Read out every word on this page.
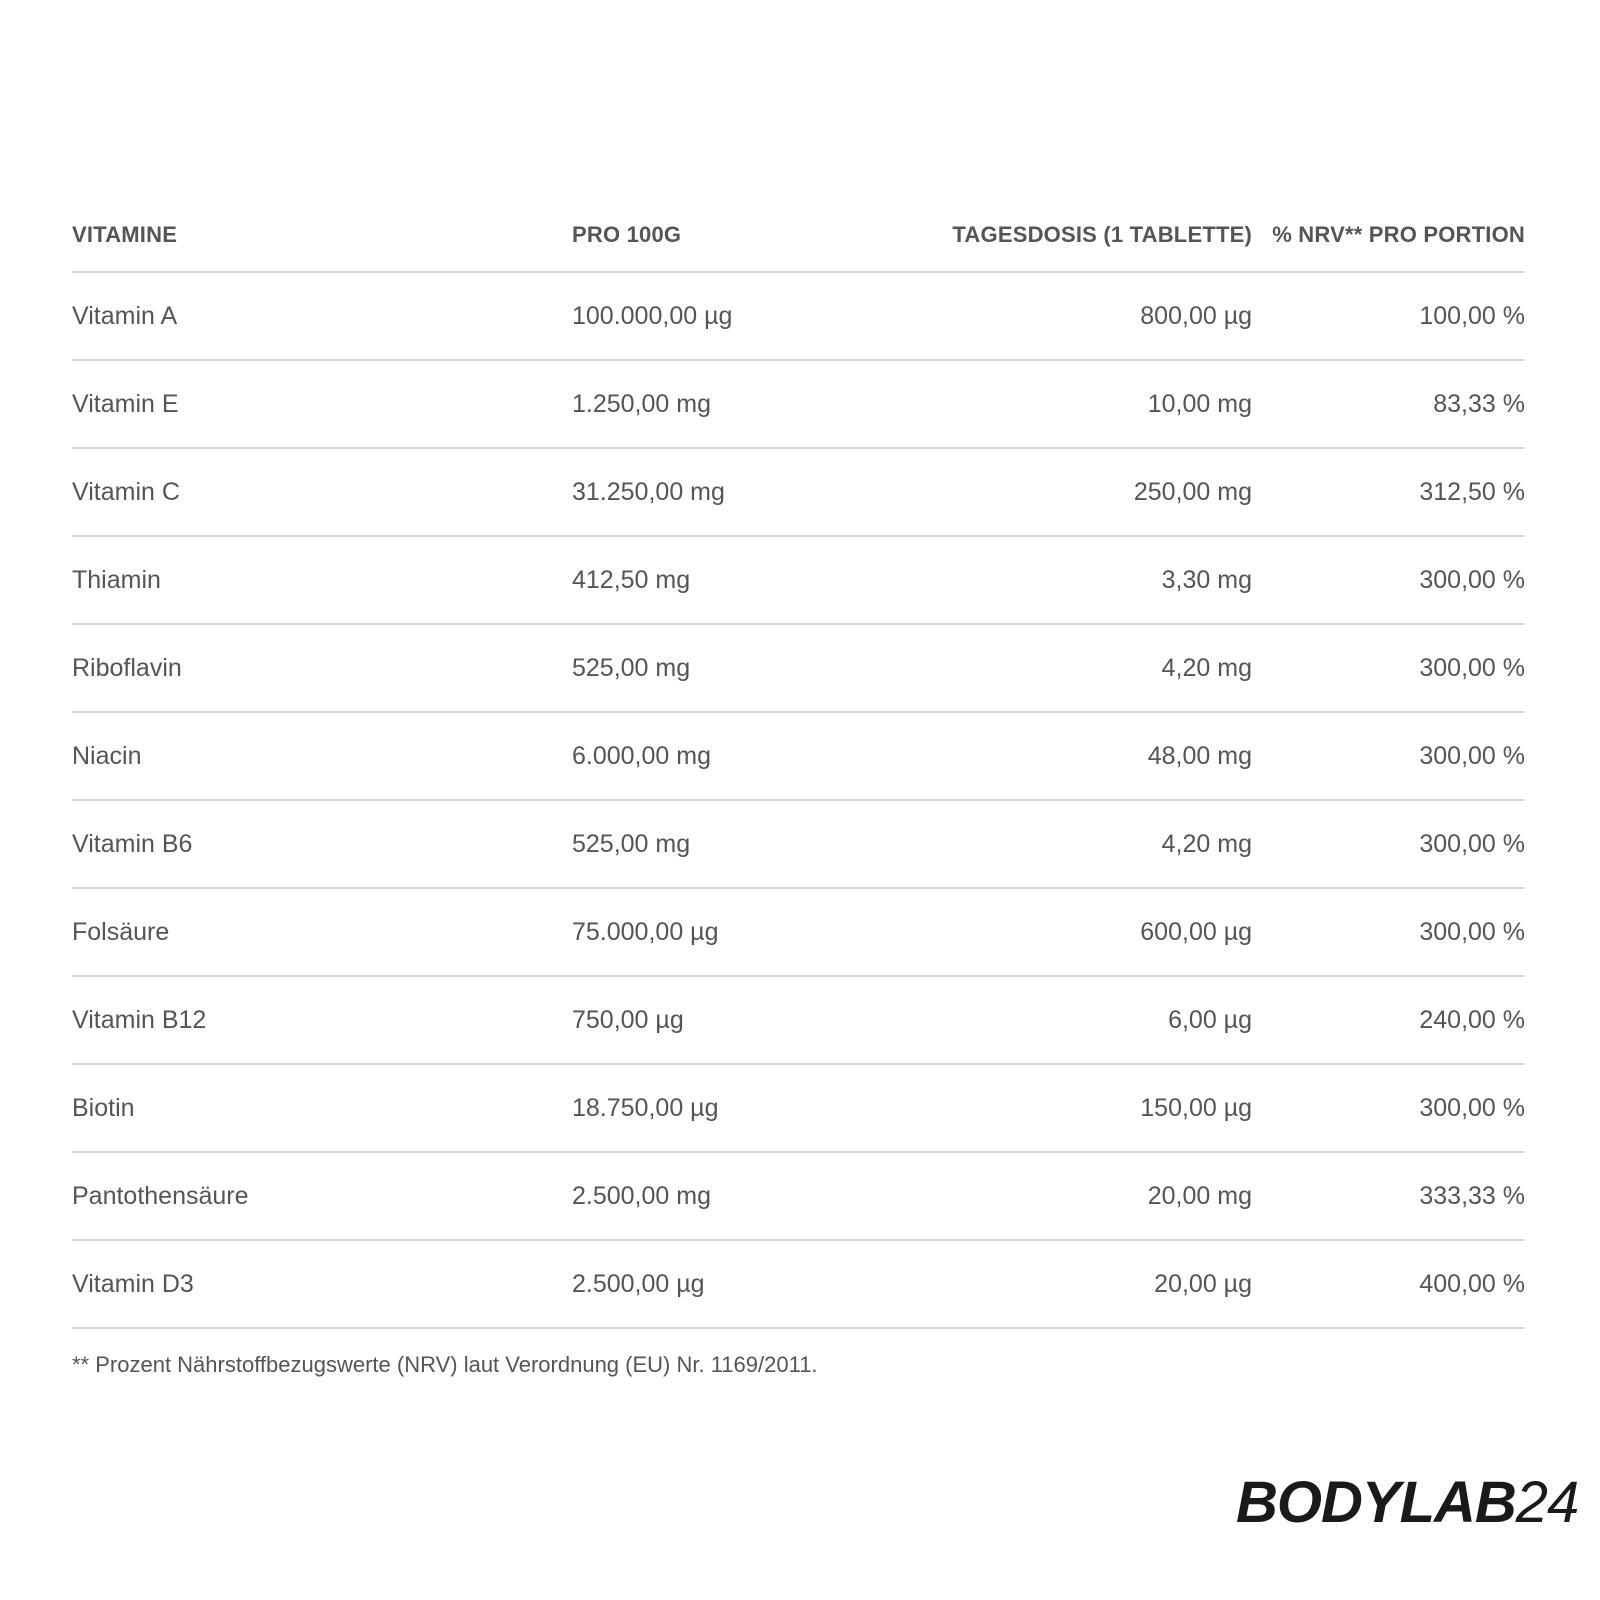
VITAMINE	PRO 100G	TAGESDOSIS (1 TABLETTE)	% NRV** PRO PORTION
Vitamin A	100.000,00 µg	800,00 µg	100,00 %
Vitamin E	1.250,00 mg	10,00 mg	83,33 %
Vitamin C	31.250,00 mg	250,00 mg	312,50 %
Thiamin	412,50 mg	3,30 mg	300,00 %
Riboflavin	525,00 mg	4,20 mg	300,00 %
Niacin	6.000,00 mg	48,00 mg	300,00 %
Vitamin B6	525,00 mg	4,20 mg	300,00 %
Folsäure	75.000,00 µg	600,00 µg	300,00 %
Vitamin B12	750,00 µg	6,00 µg	240,00 %
Biotin	18.750,00 µg	150,00 µg	300,00 %
Pantothensäure	2.500,00 mg	20,00 mg	333,33 %
Vitamin D3	2.500,00 µg	20,00 µg	400,00 %
** Prozent Nährstoffbezugswerte (NRV) laut Verordnung (EU) Nr. 1169/2011.
BODYLAB24
